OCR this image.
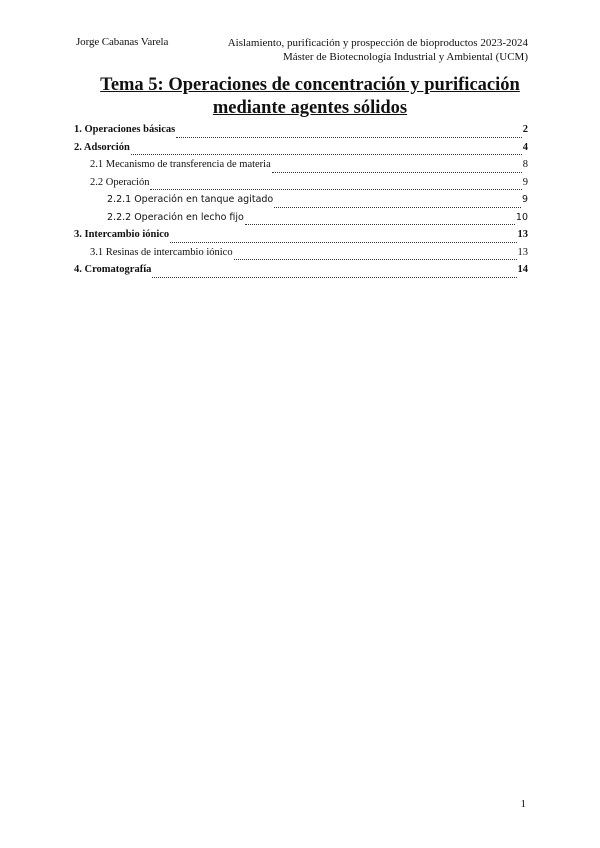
Jorge Cabanas Varela	Aislamiento, purificación y prospección de bioproductos 2023-2024
Máster de Biotecnología Industrial y Ambiental (UCM)
Tema 5: Operaciones de concentración y purificación
mediante agentes sólidos
1. Operaciones básicas	2
2. Adsorción	4
2.1 Mecanismo de transferencia de materia	8
2.2 Operación	9
2.2.1 Operación en tanque agitado	9
2.2.2 Operación en lecho fijo	10
3. Intercambio iónico	13
3.1 Resinas de intercambio iónico	13
4. Cromatografía	14
1
